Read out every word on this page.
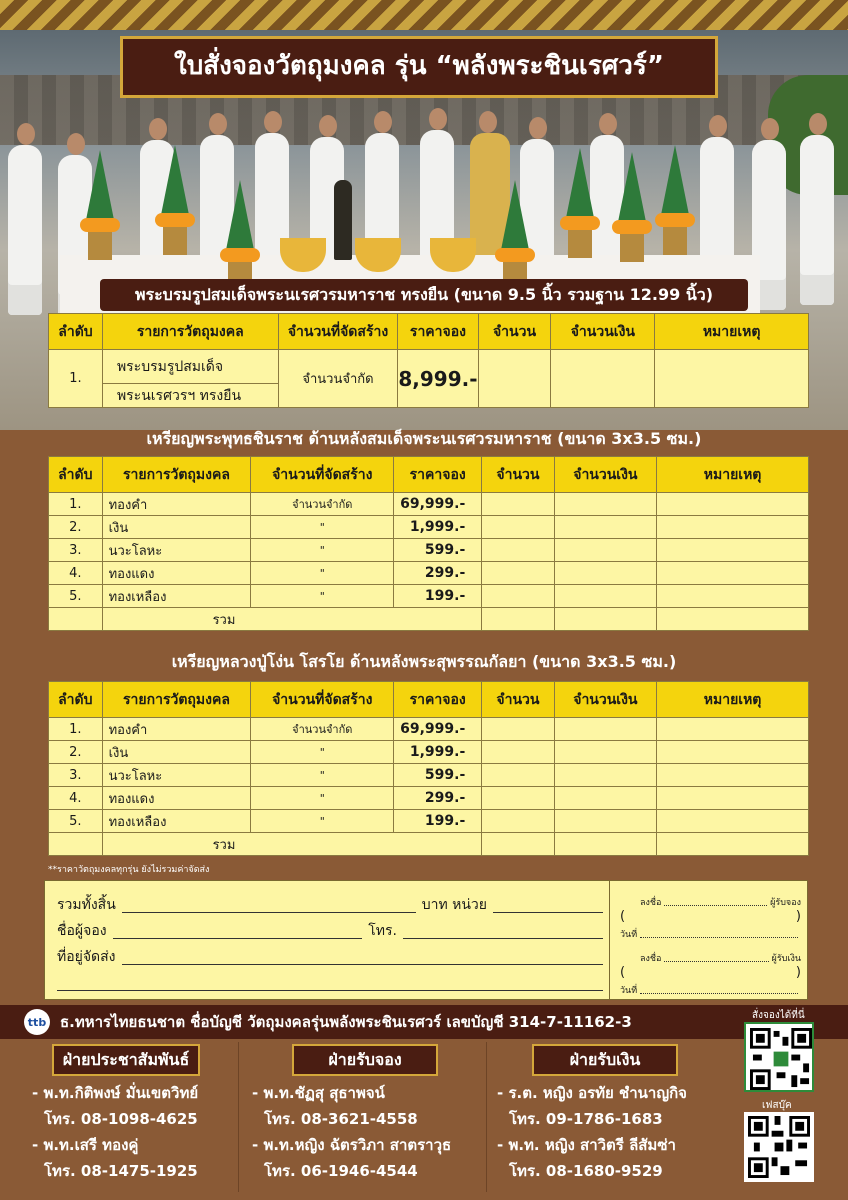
ใบสั่งจองวัตถุมงคล รุ่น “พลังพระชินเรศวร์”
พระบรมรูปสมเด็จพระนเรศวรมหาราช ทรงยืน (ขนาด 9.5 นิ้ว รวมฐาน 12.99 นิ้ว)
ลำดับ	รายการวัตถุมงคล	จำนวนที่จัดสร้าง	ราคาจอง	จำนวน	จำนวนเงิน	หมายเหตุ
1.	พระบรมรูปสมเด็จ	จำนวนจำกัด	8,999.-			
	พระนเรศวรฯ ทรงยืน					
เหรียญพระพุทธชินราช ด้านหลังสมเด็จพระนเรศวรมหาราช (ขนาด 3x3.5 ซม.)
ลำดับ	รายการวัตถุมงคล	จำนวนที่จัดสร้าง	ราคาจอง	จำนวน	จำนวนเงิน	หมายเหตุ
1.	ทองคำ	จำนวนจำกัด	69,999.-			
2.	เงิน	"	1,999.-			
3.	นวะโลหะ	"	599.-			
4.	ทองแดง	"	299.-			
5.	ทองเหลือง	"	199.-			
	รวม					
เหรียญหลวงปู่โง่น โสรโย ด้านหลังพระสุพรรณกัลยา (ขนาด 3x3.5 ซม.)
ลำดับ	รายการวัตถุมงคล	จำนวนที่จัดสร้าง	ราคาจอง	จำนวน	จำนวนเงิน	หมายเหตุ
1.	ทองคำ	จำนวนจำกัด	69,999.-			
2.	เงิน	"	1,999.-			
3.	นวะโลหะ	"	599.-			
4.	ทองแดง	"	299.-			
5.	ทองเหลือง	"	199.-			
	รวม					
**ราคาวัตถุมงคลทุกรุ่น ยังไม่รวมค่าจัดส่ง
รวมทั้งสิ้น	บาท หน่วย
ชื่อผู้จอง	โทร.
ที่อยู่จัดส่ง
ลงชื่อ	ผู้รับจอง
(	)
วันที่
ลงชื่อ	ผู้รับเงิน
(	)
วันที่
ttb ธ.ทหารไทยธนชาต ชื่อบัญชี วัตถุมงคลรุ่นพลังพระชินเรศวร์ เลขบัญชี 314-7-11162-3	สั่งจองได้ที่นี่
เฟสบุ๊ค
ฝ่ายประชาสัมพันธ์
- พ.ท.กิติพงษ์ มั่นเขตวิทย์
โทร. 08-1098-4625
- พ.ท.เสรี ทองคู่
โทร. 08-1475-1925
ฝ่ายรับจอง
- พ.ท.ชัฏสุ สุธาพจน์
โทร. 08-3621-4558
- พ.ท.หญิง ฉัตรวิภา สาตราวุธ
โทร. 06-1946-4544
ฝ่ายรับเงิน
- ร.ต. หญิง อรทัย ชำนาญกิจ
โทร. 09-1786-1683
- พ.ท. หญิง สาวิตรี ลีสัมซ่า
โทร. 08-1680-9529
